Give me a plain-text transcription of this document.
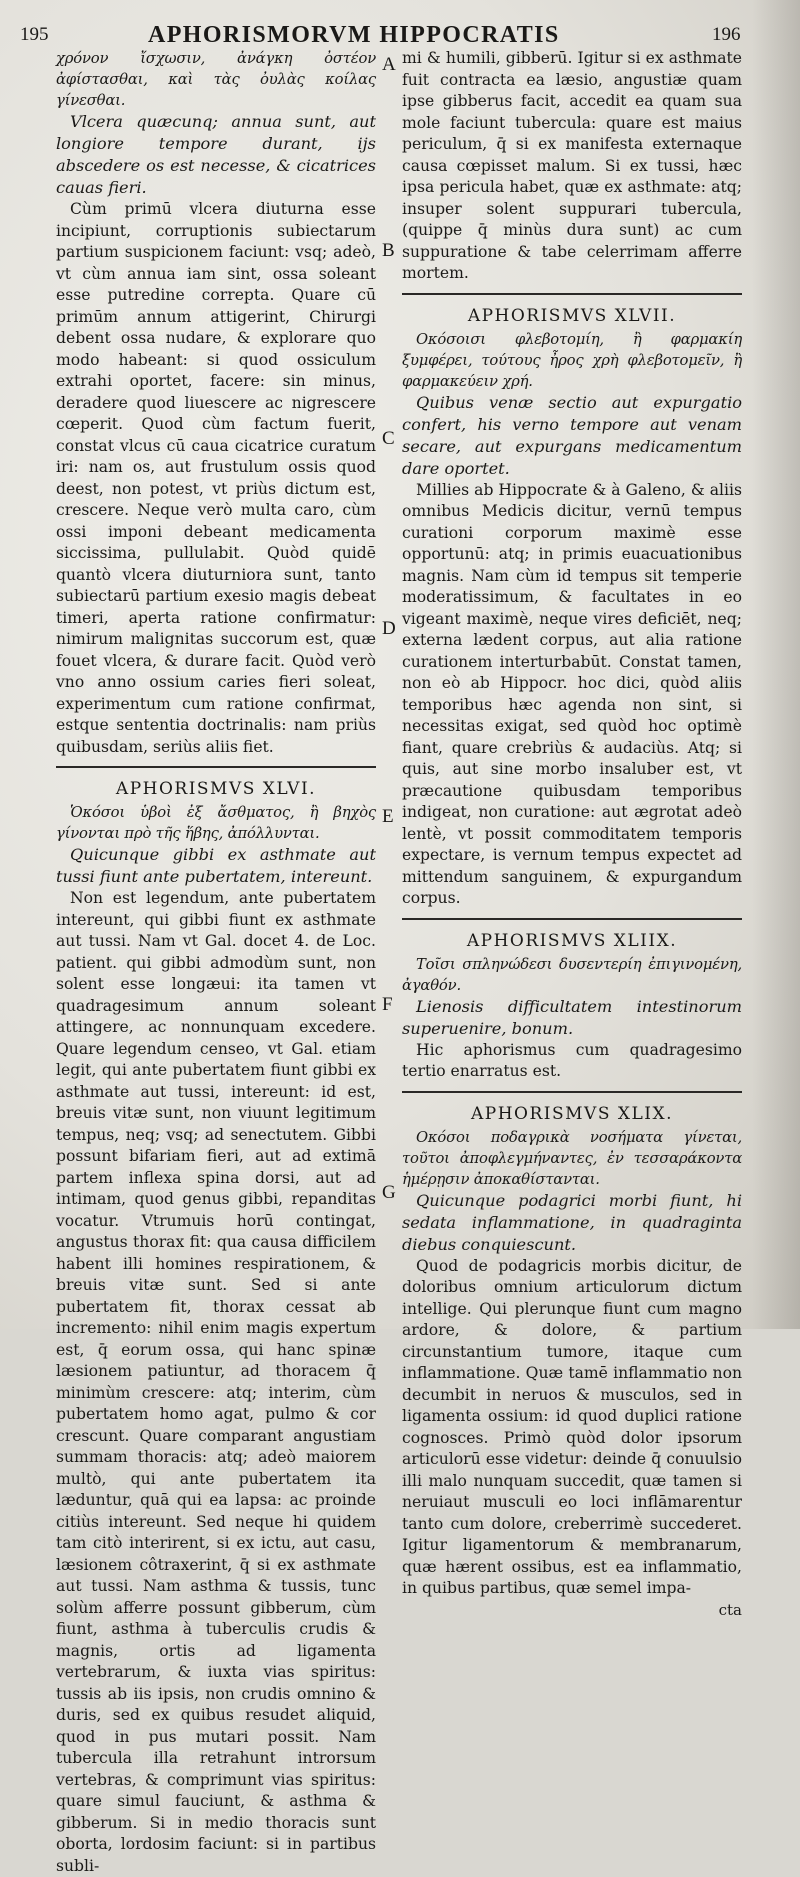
195	APHORISMORVM HIPPOCRATIS	196
A
B
C
D
E
F
G

χρόνον ἴσχωσιν, ἀνάγκη ὀστέον ἀφίστασθαι, καὶ τὰς ὀυλὰς κοίλας γίνεσθαι.

Vlcera quæcunq; annua sunt, aut longiore tempore durant, ijs abscedere os est necesse, & cicatrices cauas fieri.

Cùm primū vlcera diuturna esse incipiunt, corruptionis subiectarum partium suspicionem faciunt: vsq; adeò, vt cùm annua iam sint, ossa soleant esse putredine correpta. Quare cū primūm annum attigerint, Chirurgi debent ossa nudare, & explorare quo modo habeant: si quod ossiculum extrahi oportet, facere: sin minus, deradere quod liuescere ac nigrescere cœperit. Quod cùm factum fuerit, constat vlcus cū caua cicatrice curatum iri: nam os, aut frustulum ossis quod deest, non potest, vt priùs dictum est, crescere. Neque verò multa caro, cùm ossi imponi debeant medicamenta siccissima, pullulabit. Quòd quidē quantò vlcera diuturniora sunt, tanto subiectarū partium exesio magis debeat timeri, aperta ratione confirmatur: nimirum malignitas succorum est, quæ fouet vlcera, & durare facit. Quòd verò vno anno ossium caries fieri soleat, experimentum cum ratione confirmat, estque sententia doctrinalis: nam priùs quibusdam, seriùs aliis fiet.

APHORISMVS XLVI.

Ὁκόσοι ὑβοὶ ἐξ ἄσθματος, ἢ βηχὸς γίνονται πρὸ τῆς ἥβης, ἀπόλλυνται.

Quicunque gibbi ex asthmate aut tussi fiunt ante pubertatem, intereunt.

Non est legendum, ante pubertatem intereunt, qui gibbi fiunt ex asthmate aut tussi. Nam vt Gal. docet 4. de Loc. patient. qui gibbi admodùm sunt, non solent esse longæui: ita tamen vt quadragesimum annum soleant attingere, ac nonnunquam excedere. Quare legendum censeo, vt Gal. etiam legit, qui ante pubertatem fiunt gibbi ex asthmate aut tussi, intereunt: id est, breuis vitæ sunt, non viuunt legitimum tempus, neq; vsq; ad senectutem. Gibbi possunt bifariam fieri, aut ad extimā partem inflexa spina dorsi, aut ad intimam, quod genus gibbi, repanditas vocatur. Vtrumuis horū contingat, angustus thorax fit: qua causa difficilem habent illi homines respirationem, & breuis vitæ sunt. Sed si ante pubertatem fit, thorax cessat ab incremento: nihil enim magis expertum est, q̄ eorum ossa, qui hanc spinæ læsionem patiuntur, ad thoracem q̄ minimùm crescere: atq; interim, cùm pubertatem homo agat, pulmo & cor crescunt. Quare comparant angustiam summam thoracis: atq; adeò maiorem multò, qui ante pubertatem ita læduntur, quā qui ea lapsa: ac proinde citiùs intereunt. Sed neque hi quidem tam citò interirent, si ex ictu, aut casu, læsionem côtraxerint, q̄ si ex asthmate aut tussi. Nam asthma & tussis, tunc solùm afferre possunt gibberum, cùm fiunt, asthma à tuberculis crudis & magnis, ortis ad ligamenta vertebrarum, & iuxta vias spiritus: tussis ab iis ipsis, non crudis omnino & duris, sed ex quibus resudet aliquid, quod in pus mutari possit. Nam tubercula illa retrahunt introrsum vertebras, & comprimunt vias spiritus: quare simul fauciunt, & asthma & gibberum. Si in medio thoracis sunt oborta, lordosim faciunt: si in partibus subli-

mi & humili, gibberū. Igitur si ex asthmate fuit contracta ea læsio, angustiæ quam ipse gibberus facit, accedit ea quam sua mole faciunt tubercula: quare est maius periculum, q̄ si ex manifesta externaque causa cœpisset malum. Si ex tussi, hæc ipsa pericula habet, quæ ex asthmate: atq; insuper solent suppurari tubercula, (quippe q̄ minùs dura sunt) ac cum suppuratione & tabe celerrimam afferre mortem.

APHORISMVS XLVII.

Οκόσοισι φλεβοτομίη, ἢ φαρμακίη ξυμφέρει, τούτους ἦρος χρὴ φλεβοτομεῖν, ἢ φαρμακεύειν χρή.

Quibus venæ sectio aut expurgatio confert, his verno tempore aut venam secare, aut expurgans medicamentum dare oportet.

Millies ab Hippocrate & à Galeno, & aliis omnibus Medicis dicitur, vernū tempus curationi corporum maximè esse opportunū: atq; in primis euacuationibus magnis. Nam cùm id tempus sit temperie moderatissimum, & facultates in eo vigeant maximè, neque vires deficiēt, neq; externa lædent corpus, aut alia ratione curationem interturbabūt. Constat tamen, non eò ab Hippocr. hoc dici, quòd aliis temporibus hæc agenda non sint, si necessitas exigat, sed quòd hoc optimè fiant, quare crebriùs & audaciùs. Atq; si quis, aut sine morbo insaluber est, vt præcautione quibusdam temporibus indigeat, non curatione: aut ægrotat adeò lentè, vt possit commoditatem temporis expectare, is vernum tempus expectet ad mittendum sanguinem, & expurgandum corpus.

APHORISMVS XLIIX.

Τοῖσι σπληνώδεσι δυσεντερίη ἐπιγινομένη, ἀγαθόν.

Lienosis difficultatem intestinorum superuenire, bonum.

Hic aphorismus cum quadragesimo tertio enarratus est.

APHORISMVS XLIX.

Οκόσοι ποδαγρικὰ νοσήματα γίνεται, τοῦτοι ἀποφλεγμήναντες, ἐν τεσσαράκοντα ἡμέρῃσιν ἀποκαθίστανται.

Quicunque podagrici morbi fiunt, hi sedata inflammatione, in quadraginta diebus conquiescunt.

Quod de podagricis morbis dicitur, de doloribus omnium articulorum dictum intellige. Qui plerunque fiunt cum magno ardore, & dolore, & partium circunstantium tumore, itaque cum inflammatione. Quæ tamē inflammatio non decumbit in neruos & musculos, sed in ligamenta ossium: id quod duplici ratione cognosces. Primò quòd dolor ipsorum articulorū esse videtur: deinde q̄ conuulsio illi malo nunquam succedit, quæ tamen si neruiaut musculi eo loci inflāmarentur tanto cum dolore, creberrimè succederet. Igitur ligamentorum & membranarum, quæ hærent ossibus, est ea inflammatio, in quibus partibus, quæ semel impa-

cta
